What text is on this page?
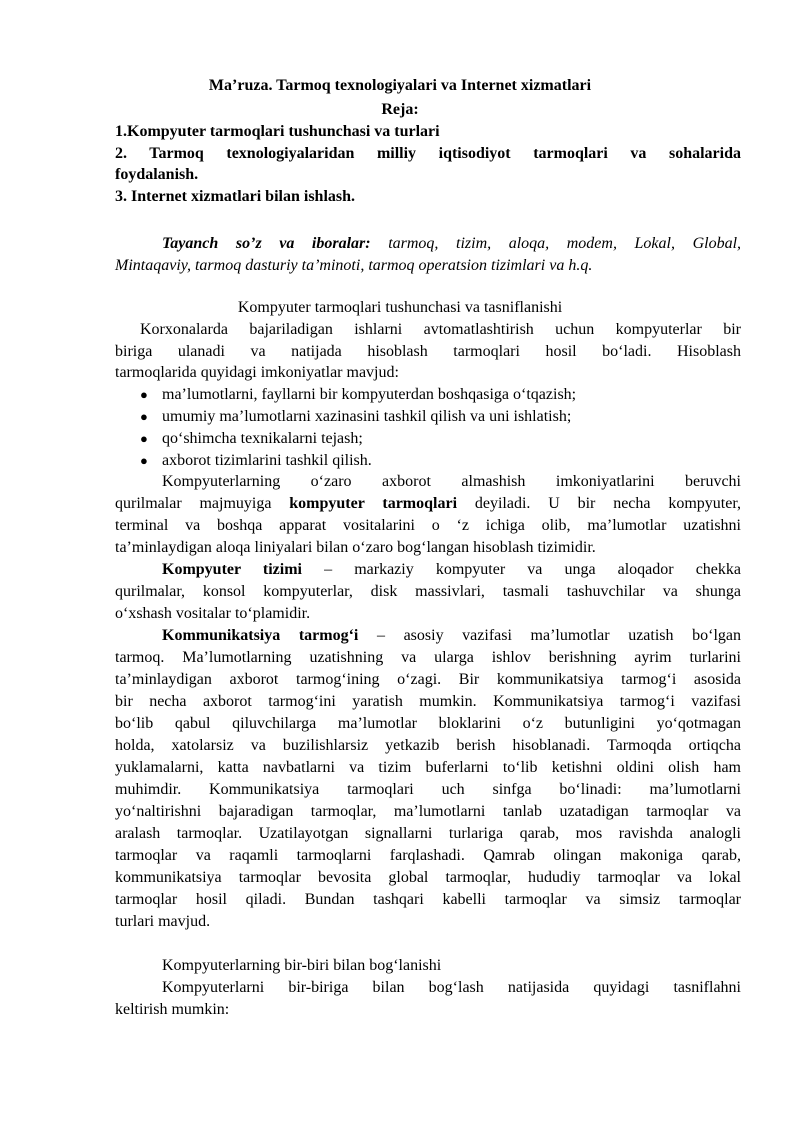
Ma’ruza. Tarmoq texnologiyalari va Internet xizmatlari
Reja:
1.Kompyuter tarmoqlari tushunchasi va turlari
2. Tarmoq texnologiyalaridan milliy iqtisodiyot tarmoqlari va sohalarida
foydalanish.
3. Internet xizmatlari bilan ishlash.
Tayanch so’z va iboralar: tarmoq, tizim, aloqa, modem, Lokal, Global,
Mintaqaviy, tarmoq dasturiy ta’minoti, tarmoq operatsion tizimlari va h.q.
Kompyuter tarmoqlari tushunchasi va tasniflanishi
Korxonalarda bajariladigan ishlarni avtomatlashtirish uchun kompyuterlar bir
biriga ulanadi va natijada hisoblash tarmoqlari hosil bo‘ladi. Hisoblash
tarmoqlarida quyidagi imkoniyatlar mavjud:
● ma’lumotlarni, fayllarni bir kompyuterdan boshqasiga o‘tqazish;
● umumiy ma’lumotlarni xazinasini tashkil qilish va uni ishlatish;
● qo‘shimcha texnikalarni tejash;
● axborot tizimlarini tashkil qilish.
Kompyuterlarning o‘zaro axborot almashish imkoniyatlarini beruvchi
qurilmalar majmuyiga kompyuter tarmoqlari deyiladi. U bir necha kompyuter,
terminal va boshqa apparat vositalarini o ‘z ichiga olib, ma’lumotlar uzatishni
ta’minlaydigan aloqa liniyalari bilan o‘zaro bog‘langan hisoblash tizimidir.
Kompyuter tizimi – markaziy kompyuter va unga aloqador chekka
qurilmalar, konsol kompyuterlar, disk massivlari, tasmali tashuvchilar va shunga
o‘xshash vositalar to‘plamidir.
Kommunikatsiya tarmog‘i – asosiy vazifasi ma’lumotlar uzatish bo‘lgan
tarmoq. Ma’lumotlarning uzatishning va ularga ishlov berishning ayrim turlarini
ta’minlaydigan axborot tarmog‘ining o‘zagi. Bir kommunikatsiya tarmog‘i asosida
bir necha axborot tarmog‘ini yaratish mumkin. Kommunikatsiya tarmog‘i vazifasi
bo‘lib qabul qiluvchilarga ma’lumotlar bloklarini o‘z butunligini yo‘qotmagan
holda, xatolarsiz va buzilishlarsiz yetkazib berish hisoblanadi. Tarmoqda ortiqcha
yuklamalarni, katta navbatlarni va tizim buferlarni to‘lib ketishni oldini olish ham
muhimdir. Kommunikatsiya tarmoqlari uch sinfga bo‘linadi: ma’lumotlarni
yo‘naltirishni bajaradigan tarmoqlar, ma’lumotlarni tanlab uzatadigan tarmoqlar va
aralash tarmoqlar. Uzatilayotgan signallarni turlariga qarab, mos ravishda analogli
tarmoqlar va raqamli tarmoqlarni farqlashadi. Qamrab olingan makoniga qarab,
kommunikatsiya tarmoqlar bevosita global tarmoqlar, hududiy tarmoqlar va lokal
tarmoqlar hosil qiladi. Bundan tashqari kabelli tarmoqlar va simsiz tarmoqlar
turlari mavjud.
Kompyuterlarning bir-biri bilan bog‘lanishi
Kompyuterlarni bir-biriga bilan bog‘lash natijasida quyidagi tasniflahni
keltirish mumkin:
